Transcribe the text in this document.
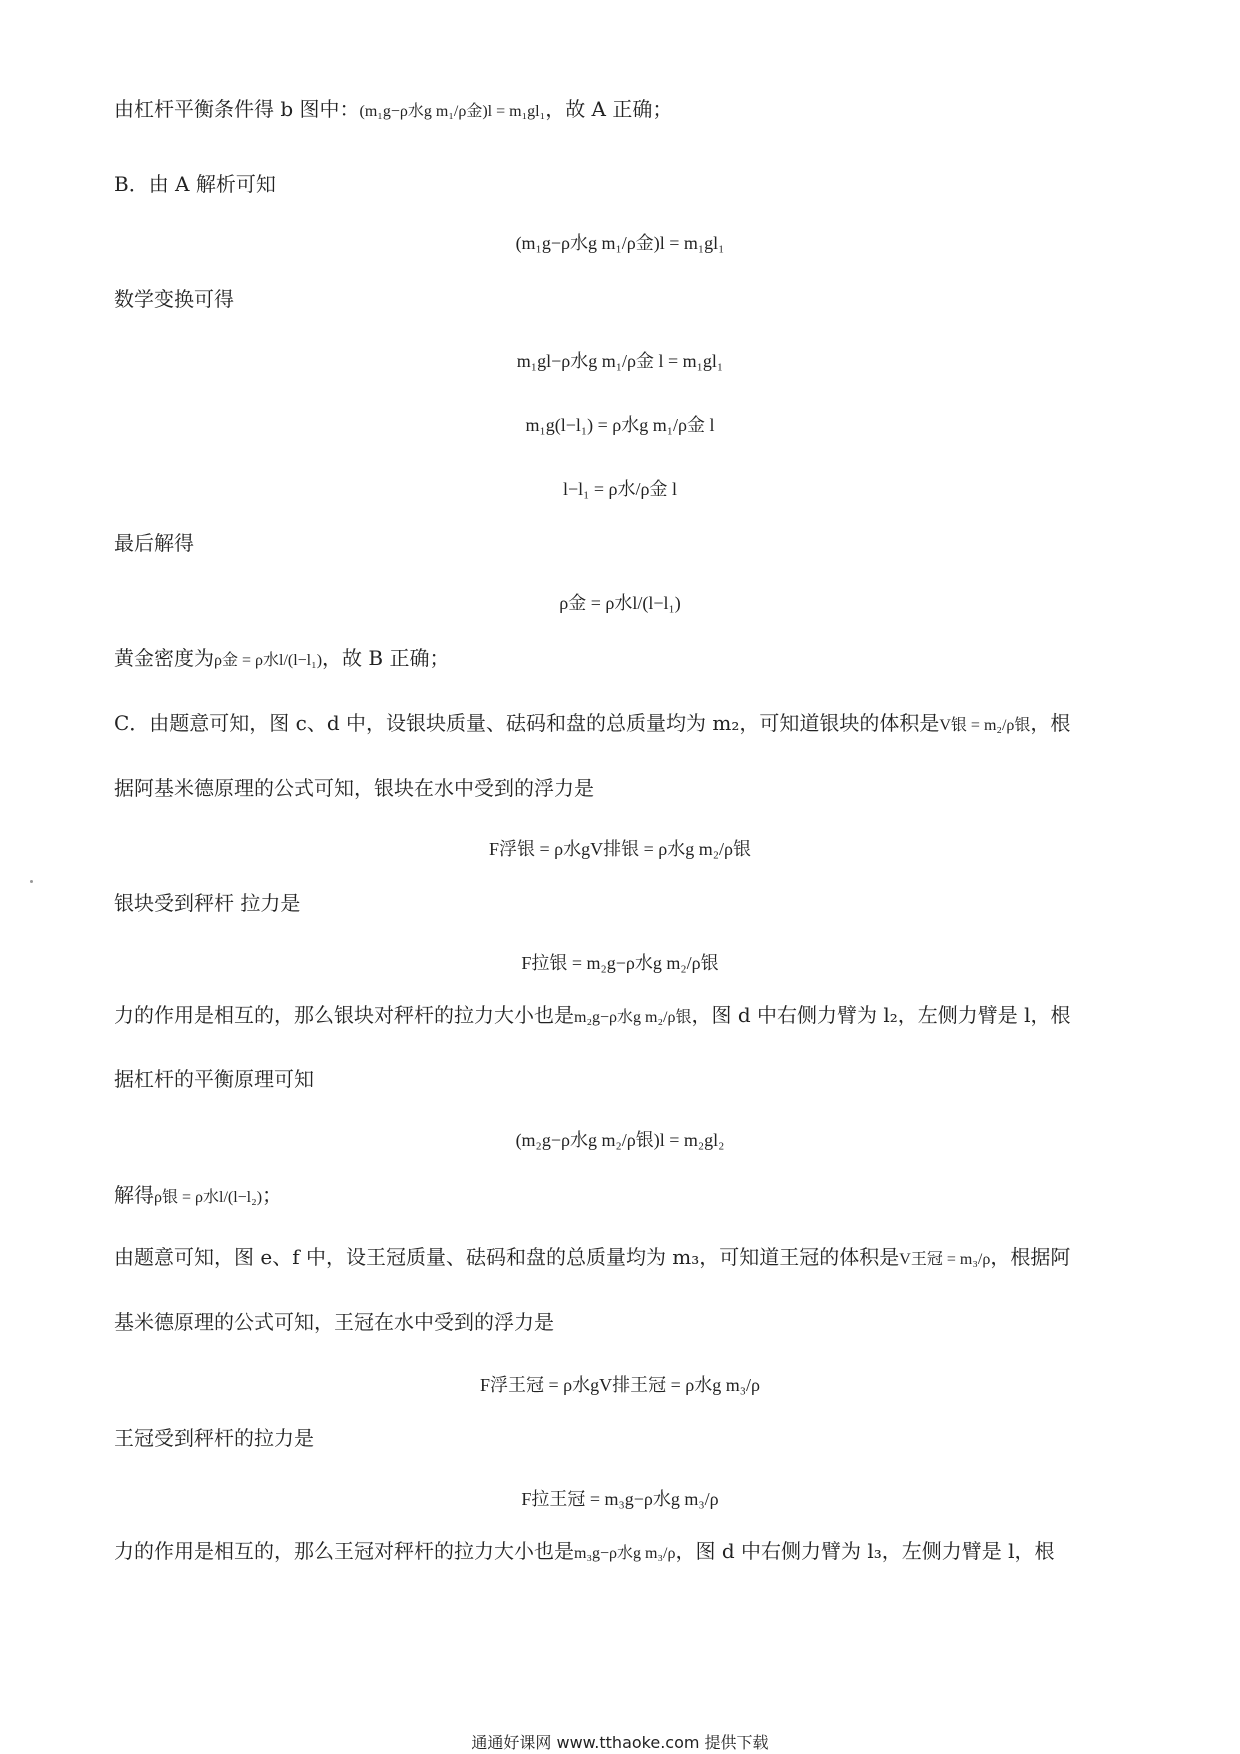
由杠杆平衡条件得 b 图中：(m₁g−ρ水g m₁/ρ金)l = m₁gl₁，故 A 正确；
B．由 A 解析可知
(m₁g−ρ水g m₁/ρ金)l = m₁gl₁
数学变换可得
m₁gl−ρ水g m₁/ρ金 l = m₁gl₁
m₁g(l−l₁) = ρ水g m₁/ρ金 l
l−l₁ = ρ水/ρ金 l
最后解得
ρ金 = ρ水l/(l−l₁)
黄金密度为ρ金 = ρ水l/(l−l₁)，故 B 正确；
C．由题意可知，图 c、d 中，设银块质量、砝码和盘的总质量均为 m₂，可知道银块的体积是V银 = m₂/ρ银，根
据阿基米德原理的公式可知，银块在水中受到的浮力是
F浮银 = ρ水gV排银 = ρ水g m₂/ρ银
银块受到秤杆 拉力是
F拉银 = m₂g−ρ水g m₂/ρ银
力的作用是相互的，那么银块对秤杆的拉力大小也是m₂g−ρ水g m₂/ρ银，图 d 中右侧力臂为 l₂，左侧力臂是 l，根
据杠杆的平衡原理可知
(m₂g−ρ水g m₂/ρ银)l = m₂gl₂
解得ρ银 = ρ水l/(l−l₂)；
由题意可知，图 e、f 中，设王冠质量、砝码和盘的总质量均为 m₃，可知道王冠的体积是V王冠 = m₃/ρ，根据阿
基米德原理的公式可知，王冠在水中受到的浮力是
F浮王冠 = ρ水gV排王冠 = ρ水g m₃/ρ
王冠受到秤杆的拉力是
F拉王冠 = m₃g−ρ水g m₃/ρ
力的作用是相互的，那么王冠对秤杆的拉力大小也是m₃g−ρ水g m₃/ρ，图 d 中右侧力臂为 l₃，左侧力臂是 l，根
通通好课网 www.tthaoke.com 提供下载
